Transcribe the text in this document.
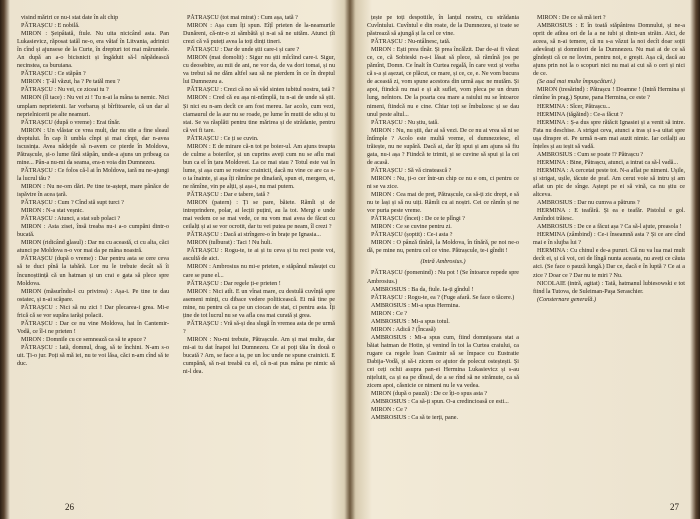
visind măriri ce nu-i stat date în alt chip

PĂTRAȘCU : E nobilă.

MIRON : Șeipâtată, fiule. Nu uita nicicând asta. Pan Lukasievicz, răposat tatăl ne-o, era vătaf în Litvania, adrinici în cînd și ajunsese de la Curte, în drepturi tot mai măruntele. An după an a-o bicisnicit și îngăduit să-l năpădească necinstea, ca buruiana.

PĂTRAȘCU : Ce stăpân ?

MIRON : Ț-ăl văzut, ha ? Pe tatăl meu ?

PĂTRAȘCU : Nu vei, ce ziceai tu ?

MIRON (îl tace) : Nu vei zi ! Tu n-ai la mâna ta nemic. Nici umplam neprietenii. Iar vorbaruș și bîrfitoarele, că un dar al neprielnicerii pe alte neamuri.

PĂTRAȘCU (după o vreme) : Erai tînăr.

MIRON : Un vlăstar ce vrea mult, dar nu stie a fine sleaul dreptului. În cap îi umbla cînpi și mai cînpi, dar n-avea iscusința. Avea nădejde să n-avem ce pierde în Moldova, Pătrașcule, și-o lume fără stăpân, unde-a ajuns un pribeag ca mine... Pân-a nu-mi da seama, era-n voia din Dumnezeu.

PĂTRAȘCU : Ce folos că-l ai în Moldova, iară nu ne-ajungi la lucrul tău ?

MIRON : Nu ne-om dări. Pe tine te-aștept, mare pânăce de ispăvire în acea țară.

PĂTRAȘCU : Cum ? Cînd stă supt turci ?

MIRON : N-a stat veșnic.

PĂTRAȘCU : Atunci, a stat sub polaci ?

MIRON : Asta zisei, însă treaba nu-i a-o cumpăni dintr-o bucată.

MIRON (ridicând glasul) : Dar nu cu această, ci cu alta, căci atunci pe Moldova n-o vor mai da pe mâna noastră.

PĂTRAȘCU (după o vreme) : Dar pentru asta se cere ceva să te duci pînă la tabără. Lor nu le trebuie decât să îi încunoștiință că un hatman și un crai e gata să plece spre Moldova.

MIRON (măsurîndu-l cu privirea) : Așa-i. Pe tine te dau ostatec, și n-ai scăpare.

PĂTRAȘCU : Nici să nu zici ! Dar plecarea-i grea. Mi-e frică că se vor supăra iarăși polacii.

PĂTRAȘCU : Dar ce nu vine Moldova, hai în Cantemir-Vodă, ce îl-i ne prieten !

MIRON : Domnile cu ce semnează ca să te apuce ?

PĂTRAȘCU : Iată, domnul, drag, să te închini. N-am s-o uit. Ți-o jur. Poți să mă iei, nu te voi lăsa, căci n-am cînd să te duc.

PĂTRAȘCU (tot mai mirat) : Cum așa, tată ?

MIRON : Așa cum îți spun. Eîțî prieten de la-neamurile Dunăreni, că-ntr-o zi sămbătă și n-ai să ne uităm. Atunci țîi crezi că vă puteți avea la toți dinți tineri.

PĂTRAȘCU : Dar de unde știi care-i și care ?

MIRON (mai domolit) : Sigur nu știi mîcîind care-i. Sigur, cu deosebire, au mii de ani, ne vor da, de va dori tomai, și nu va trebui să ne dăm altfel sau să ne pierdem în ce în dreptul lui Dumnezeu a.

PĂTRAȘCU : Crezi că no să văd sinten iubitul nostru, tată ?

MIRON : Cred că eu așa ni-ntîmplă, tu n-ai de unde să știi. Și nici eu n-am decît ce am fost mereu. Iar acolo, cum vezi, ciamaurul de la aur nu se roade, pe lume în mutii de sdiu și tu stai. Se va răsplăti pentru tine mărirea și de strădanie, pentru că vei fi tare.

PĂTRAȘCU : Ce ți se cuvin.

MIRON : E de mirare că-n tot pe boier-ul. Am ajuns treapta de culme a boierilor, și un cuprins aveți cum nu se aflu mai bun ca el în țara Moldovei. La ce mai stau ? Totul este vai în lume, și așa cum se rostesc crainicii, dacă nu vine ce are ca s-o ia înainte, și așa îți rămîne pe dinafară, spun ei, mergem, ei, ne rămîne, vin pe alții, și așa-i, nu mai putem.

PĂTRAȘCU : Dar e tabere, tată ?

MIRON (patern) : Ți se pare, băiete. Rămîi și de intreprindere, polar, ai lecții puțini, au la tot. Mergi e unde mai vedem ce se mai vede, ce nu vom mai avea de făcut cu ceilalți și ai se vor ocrotit, dar tu vei putea pe neam, îl crezi ?

PĂTRAȘCU : Dacă ai strîngere-o în brațe pe Ignasia...

MIRON (tulburat) : Taci ! Nu huli.

PĂTRAȘCU : Rogu-te, te ai și tu ceva și tu reci peste voi, ascultă de aici.

MIRON : Ambrosius nu mi-e prieten, e stăpânul măsuței cu care se pune el...

PĂTRAȘCU : Dar regele ți-e prieten !

MIRON : Nici atît. E un vînat mare, cu destulă cuvînță spre asemeni minți, cu dibace vedere politicească. Ei mă tine pe mine, nu pentru că ca pe un ciocan de stat, ci pentru asta. Îți ține de tot lucrul nu se va afla cea mai curată și grea.

PĂTRAȘCU : Vră să-și dea slugă în vremea asta de pe urmă ?

MIRON : Nu-mi trebuie, Pătrașcule. Am și mai multe, dar mi-ai tu dat înapoi lui Dumnezeu. Ce ai poți tăia în două o bucată ? Am, se face a ta, pe un loc unde ne spune crainicii. E cumpănă, să n-ai treabă cu el, că n-ai pus mâna pe nimic să ni-l dea.

26

țește pe toți despotiile, în lanțul nostru, cu strădania Cuvîntului. Cuvîntul e din roate, de la Dumnezeu, și toate se păstrează să ajungă și la cel ce vine.

PĂTRAȘCU : Nu-ntâlnesc, tată.

MIRON : Ești prea tînăr. Și prea încălzit. Dar de-ai fi văzut ce, ce, că Sobieski n-a-i lăsat să plece, să rămînă jos pe pămînt, Domn. Ce înalt în Curtea regală, în care vezi și vorba că s-a și așezat, ce plăcut, ce mare, și ce, ce, e. Ne vom bucura de această zi, vom spune acestora din urmă așa: ne mutăm. Și apoi, fiindcă nu mai e și alt suflet, vom pleca pe un drum lung, neîntors. De la poarta cea mare a raiului nu se întoarce nimeni, fiindcă nu e cine. Chiar toți se îmbulzesc și se dau unul peste altul...

PĂTRAȘCU : Nu știu, tată.

MIRON : Nu, nu știi, dar ai să vezi. De ce nu ai vrea să ni se întîmple ? Acolo este multă vreme, el dumnezeiesc, el trăiește, nu ne supără. Dacă ai, dar îți spui și am ajuns să fiu gata, nu-i așa ? Fiindcă te trimit, și se cuvine să spui și la cei de acasă.

PĂTRAȘCU : Să vă cinstească ?

MIRON : Nu, ți-o cer într-un chip ce nu e om, ci pentru ce ni se va zice.

MIRON : Cea mai de preț, Pătrașcule, ca să-ți zic drept, e să nu te lași și să nu uiți. Rămîi cu ai noștri. Cei ce rămîn și ne vor purta peste vreme.

PĂTRAȘCU (încet) : De ce te plîngi ?

MIRON : Ce se cuvine pentru zi.

PĂTRAȘCU (șoptit) : Ce-i asta ?

MIRON : O pânză tînără, la Moldova, în tînără, pe noi ne-o dă, pe mine nu, pentru cel ce vine. Pătrașcule, te-i gîndit !

(Intră Ambrosius.)

PĂTRAȘCU (pomenind) : Nu pot ! (Se întoarce repede spre Ambrosius.)

AMBROSIUS : Ba da, fiule. Ia-ți gîndul !

PĂTRAȘCU : Rogu-te, ea ? (Fuge afară. Se face o tăcere.)

AMBROSIUS : Mi-a spus Hermina.

MIRON : Ce ?

AMBROSIUS : Mi-a spus totul.

MIRON : Adică ? (Încasă)

AMBROSIUS : Mi-a spus cum, fiind domnișoara stat a băiat hatman de Hotin, și venind în toi la Curtea craiului, ca rugare ca regele loan Casimir să se împace cu Eustratie Dabija-Vodă, și să-i zicem ce ajutor de polecut osteștești. Și cei ceți ochii asupra pan-ei Hermina Lukasievicz și s-au nițeluiit, ca și ea pe dînsul, de a se rînd să ne strămute, ca să zicem apoi, căsnicie ce nimeni nu le va vedea.

MIRON (după o pauză) : De ce îți-o spus asta ?

AMBROSIUS : Ca să-ți spun. O-a credincioasă ce esti...

MIRON : Ce ?

AMBROSIUS : Ca să te ierți, pane.

MIRON : De ce să mă iert ?

AMBROSIUS : E în toată stăpânirea Domnului, și ne-a oprit de atîtea ori de la a ne iubi și dintr-un străin. Aici, de aceea, să n-ai temere, că nu s-a văzut la noi decît doar soții adevărați și domnitori de la Dumnezeu. Nu mai ai de ce să gîndești că ce ne lovim, pentru noi, e greșit. Așa că, dacă au ajuns prin noi la o scopuri nici nu mai ai cui să o ceri și nici de ce.

(Se aud mai multe împușcături.)

MIRON (tresărind) : Pătrașcu ! Doamne ! (Intră Hermina și rămîne în prag.) Spune, pana Hermina, ce este ?

HERMINA : Sîcer, Pătrașcu...

HERMINA (tăgăind) : Ce-a făcut ?

HERMINA : Ș-a dus spre rătăcit Ignasiei și a venit să intre. Fata nu deschise. A strigat ceva, atunci a tras și s-a uitat spre ușa dinspre ei. Pe urmă n-am mai auzit nimic. Iar ceilalți au înțeles și au ieșit să vadă.

AMBROSIUS : Cum se poate !? Pătrașcu ?

HERMINA : Bine, Pătrașcu, atunci, a intrat ca să-l vadă...

HERMINA : A cercetat peste tot. N-a aflat pe nimeni. Ușile, și strigat, ușile, tăcute de praf. Am cerut voie să intru și am aflat un pic de sînge. Aștept pe ei să vină, ca nu știu ce altceva.

AMBROSIUS : Dar nu cumva a pătruns ?

HERMINA : E teafără. Și ea e teafăr. Pistolul e gol. Amîndoi trăiesc.

AMBROSIUS : De ce a făcut așa ? Ca să-l ajute, preasola !

HERMINA (zâmbind) : Ce-i înseamnă asta ? Și ce are cînd mai e în slujba lui ?

HERMINA : Cu chinul e de-a pururi. Că nu va lua mai mult decît ei, și că voi, cei de lîngă nunta aceasta, nu aveți ce căuta aici. (Se face o pauză lungă.) Dar ce, dacă e în luptă ? Ce ai a zice ? Doar ce ? Dar nu te miri ? Nu.

NICOLAIE (intră, agitat) : Tată, hatmanul lubiesowski e tot fiind la Tutova, de Suleiman-Paşa Seraschier.

(Consternare generală.)

27
